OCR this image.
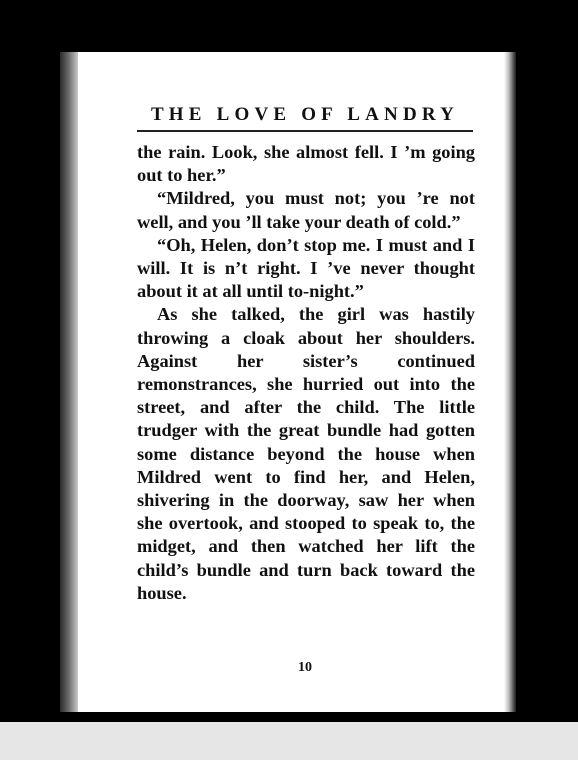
THE LOVE OF LANDRY

the rain. Look, she almost fell. I ’m going out to her.”

“Mildred, you must not; you ’re not well, and you ’ll take your death of cold.”

“Oh, Helen, don’t stop me. I must and I will. It is n’t right. I ’ve never thought about it at all until to-night.”

As she talked, the girl was hastily throwing a cloak about her shoulders. Against her sister’s continued remonstrances, she hurried out into the street, and after the child. The little trudger with the great bundle had gotten some distance beyond the house when Mildred went to find her, and Helen, shivering in the doorway, saw her when she overtook, and stooped to speak to, the midget, and then watched her lift the child’s bundle and turn back toward the house.

10
